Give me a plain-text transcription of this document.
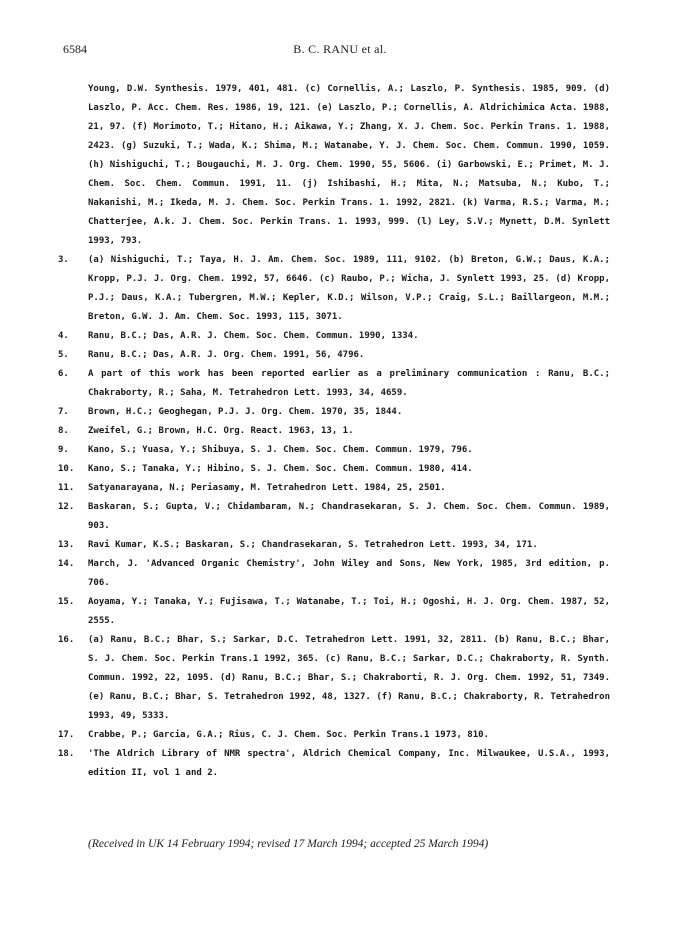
6584	B. C. RANU et al.
Young, D.W. Synthesis. 1979, 401, 481. (c) Cornellis, A.; Laszlo, P. Synthesis. 1985, 909. (d) Laszlo, P. Acc. Chem. Res. 1986, 19, 121. (e) Laszlo, P.; Cornellis, A. Aldrichimica Acta. 1988, 21, 97. (f) Morimoto, T.; Hitano, H.; Aikawa, Y.; Zhang, X. J. Chem. Soc. Perkin Trans. 1. 1988, 2423. (g) Suzuki, T.; Wada, K.; Shima, M.; Watanabe, Y. J. Chem. Soc. Chem. Commun. 1990, 1059. (h) Nishiguchi, T.; Bougauchi, M. J. Org. Chem. 1990, 55, 5606. (i) Garbowski, E.; Primet, M. J. Chem. Soc. Chem. Commun. 1991, 11. (j) Ishibashi, H.; Mita, N.; Matsuba, N.; Kubo, T.; Nakanishi, M.; Ikeda, M. J. Chem. Soc. Perkin Trans. 1. 1992, 2821. (k) Varma, R.S.; Varma, M.; Chatterjee, A.k. J. Chem. Soc. Perkin Trans. 1. 1993, 999. (l) Ley, S.V.; Mynett, D.M. Synlett 1993, 793.
3.	(a) Nishiguchi, T.; Taya, H. J. Am. Chem. Soc. 1989, 111, 9102. (b) Breton, G.W.; Daus, K.A.; Kropp, P.J. J. Org. Chem. 1992, 57, 6646. (c) Raubo, P.; Wicha, J. Synlett 1993, 25. (d) Kropp, P.J.; Daus, K.A.; Tubergren, M.W.; Kepler, K.D.; Wilson, V.P.; Craig, S.L.; Baillargeon, M.M.; Breton, G.W. J. Am. Chem. Soc. 1993, 115, 3071.
4.	Ranu, B.C.; Das, A.R. J. Chem. Soc. Chem. Commun. 1990, 1334.
5.	Ranu, B.C.; Das, A.R. J. Org. Chem. 1991, 56, 4796.
6.	A part of this work has been reported earlier as a preliminary communication : Ranu, B.C.; Chakraborty, R.; Saha, M. Tetrahedron Lett. 1993, 34, 4659.
7.	Brown, H.C.; Geoghegan, P.J. J. Org. Chem. 1970, 35, 1844.
8.	Zweifel, G.; Brown, H.C. Org. React. 1963, 13, 1.
9.	Kano, S.; Yuasa, Y.; Shibuya, S. J. Chem. Soc. Chem. Commun. 1979, 796.
10.	Kano, S.; Tanaka, Y.; Hibino, S. J. Chem. Soc. Chem. Commun. 1980, 414.
11.	Satyanarayana, N.; Periasamy, M. Tetrahedron Lett. 1984, 25, 2501.
12.	Baskaran, S.; Gupta, V.; Chidambaram, N.; Chandrasekaran, S. J. Chem. Soc. Chem. Commun. 1989, 903.
13.	Ravi Kumar, K.S.; Baskaran, S.; Chandrasekaran, S. Tetrahedron Lett. 1993, 34, 171.
14.	March, J. 'Advanced Organic Chemistry', John Wiley and Sons, New York, 1985, 3rd edition, p. 706.
15.	Aoyama, Y.; Tanaka, Y.; Fujisawa, T.; Watanabe, T.; Toi, H.; Ogoshi, H. J. Org. Chem. 1987, 52, 2555.
16.	(a) Ranu, B.C.; Bhar, S.; Sarkar, D.C. Tetrahedron Lett. 1991, 32, 2811. (b) Ranu, B.C.; Bhar, S. J. Chem. Soc. Perkin Trans.1 1992, 365. (c) Ranu, B.C.; Sarkar, D.C.; Chakraborty, R. Synth. Commun. 1992, 22, 1095. (d) Ranu, B.C.; Bhar, S.; Chakraborti, R. J. Org. Chem. 1992, 51, 7349. (e) Ranu, B.C.; Bhar, S. Tetrahedron 1992, 48, 1327. (f) Ranu, B.C.; Chakraborty, R. Tetrahedron 1993, 49, 5333.
17.	Crabbe, P.; Garcia, G.A.; Rius, C. J. Chem. Soc. Perkin Trans.1 1973, 810.
18.	'The Aldrich Library of NMR spectra', Aldrich Chemical Company, Inc. Milwaukee, U.S.A., 1993, edition II, vol 1 and 2.
(Received in UK 14 February 1994; revised 17 March 1994; accepted 25 March 1994)
